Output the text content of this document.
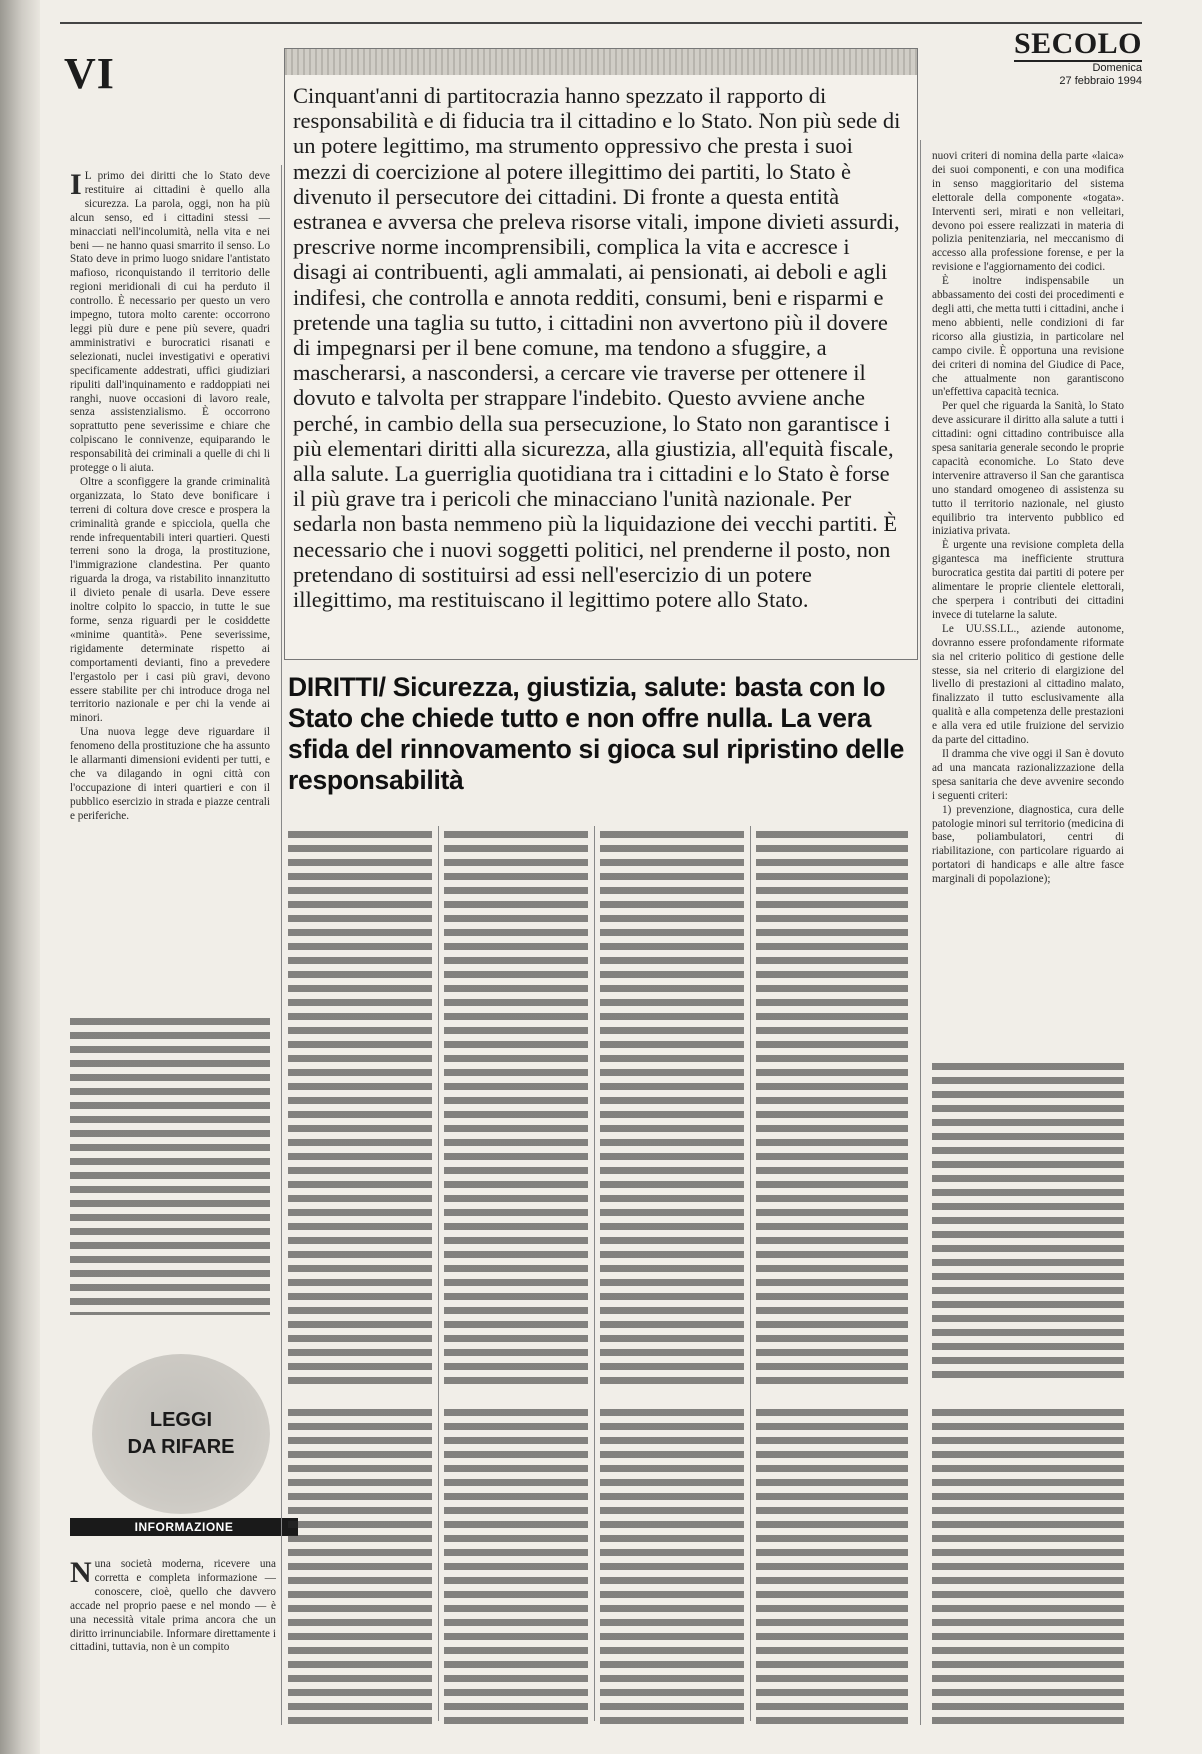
VI
SECOLO
Domenica
27 febbraio 1994
Cinquant'anni di partitocrazia hanno spezzato il rapporto di responsabilità e di fiducia tra il cittadino e lo Stato. Non più sede di un potere legittimo, ma strumento oppressivo che presta i suoi mezzi di coercizione al potere illegittimo dei partiti, lo Stato è divenuto il persecutore dei cittadini. Di fronte a questa entità estranea e avversa che preleva risorse vitali, impone divieti assurdi, prescrive norme incomprensibili, complica la vita e accresce i disagi ai contribuenti, agli ammalati, ai pensionati, ai deboli e agli indifesi, che controlla e annota redditi, consumi, beni e risparmi e pretende una taglia su tutto, i cittadini non avvertono più il dovere di impegnarsi per il bene comune, ma tendono a sfuggire, a mascherarsi, a nascondersi, a cercare vie traverse per ottenere il dovuto e talvolta per strappare l'indebito. Questo avviene anche perché, in cambio della sua persecuzione, lo Stato non garantisce i più elementari diritti alla sicurezza, alla giustizia, all'equità fiscale, alla salute. La guerriglia quotidiana tra i cittadini e lo Stato è forse il più grave tra i pericoli che minacciano l'unità nazionale. Per sedarla non basta nemmeno più la liquidazione dei vecchi partiti. È necessario che i nuovi soggetti politici, nel prenderne il posto, non pretendano di sostituirsi ad essi nell'esercizio di un potere illegittimo, ma restituiscano il legittimo potere allo Stato.
DIRITTI/ Sicurezza, giustizia, salute: basta con lo Stato che chiede tutto e non offre nulla. La vera sfida del rinnovamento si gioca sul ripristino delle responsabilità
I L primo dei diritti che lo Stato deve restituire ai cittadini è quello alla sicurezza. La parola, oggi, non ha più alcun senso, ed i cittadini stessi — minacciati nell'incolumità, nella vita e nei beni — ne hanno quasi smarrito il senso. Lo Stato deve in primo luogo snidare l'antistato mafioso, riconquistando il territorio delle regioni meridionali di cui ha perduto il controllo. È necessario per questo un vero impegno, tutora molto carente: occorrono leggi più dure e pene più severe, quadri amministrativi e burocratici risanati e selezionati, nuclei investigativi e operativi specificamente addestrati, uffici giudiziari ripuliti dall'inquinamento e raddoppiati nei ranghi, nuove occasioni di lavoro reale, senza assistenzialismo. È occorrono soprattutto pene severissime e chiare che colpiscano le connivenze, equiparando le responsabilità dei criminali a quelle di chi li protegge o li aiuta.

Oltre a sconfiggere la grande criminalità organizzata, lo Stato deve bonificare i terreni di coltura dove cresce e prospera la criminalità grande e spicciola, quella che rende infrequentabili interi quartieri. Questi terreni sono la droga, la prostituzione, l'immigrazione clandestina. Per quanto riguarda la droga, va ristabilito innanzitutto il divieto penale di usarla. Deve essere inoltre colpito lo spaccio, in tutte le sue forme, senza riguardi per le cosiddette «minime quantità». Pene severissime, rigidamente determinate rispetto ai comportamenti devianti, fino a prevedere l'ergastolo per i casi più gravi, devono essere stabilite per chi introduce droga nel territorio nazionale e per chi la vende ai minori.

Una nuova legge deve riguardare il fenomeno della prostituzione che ha assunto le allarmanti dimensioni evidenti per tutti, e che va dilagando in ogni città con l'occupazione di interi quartieri e con il pubblico esercizio in strada e piazze centrali e periferiche.

LEGGI
DA RIFARE
INFORMAZIONE
N una società moderna, ricevere una corretta e completa informazione — conoscere, cioè, quello che davvero accade nel proprio paese e nel mondo — è una necessità vitale prima ancora che un diritto irrinunciabile. Informare direttamente i cittadini, tuttavia, non è un compito

nuovi criteri di nomina della parte «laica» dei suoi componenti, e con una modifica in senso maggioritario del sistema elettorale della componente «togata». Interventi seri, mirati e non velleitari, devono poi essere realizzati in materia di polizia penitenziaria, nel meccanismo di accesso alla professione forense, e per la revisione e l'aggiornamento dei codici.

È inoltre indispensabile un abbassamento dei costi dei procedimenti e degli atti, che metta tutti i cittadini, anche i meno abbienti, nelle condizioni di far ricorso alla giustizia, in particolare nel campo civile. È opportuna una revisione dei criteri di nomina del Giudice di Pace, che attualmente non garantiscono un'effettiva capacità tecnica.

Per quel che riguarda la Sanità, lo Stato deve assicurare il diritto alla salute a tutti i cittadini: ogni cittadino contribuisce alla spesa sanitaria generale secondo le proprie capacità economiche. Lo Stato deve intervenire attraverso il San che garantisca uno standard omogeneo di assistenza su tutto il territorio nazionale, nel giusto equilibrio tra intervento pubblico ed iniziativa privata.

È urgente una revisione completa della gigantesca ma inefficiente struttura burocratica gestita dai partiti di potere per alimentare le proprie clientele elettorali, che sperpera i contributi dei cittadini invece di tutelarne la salute.

Le UU.SS.LL., aziende autonome, dovranno essere profondamente riformate sia nel criterio politico di gestione delle stesse, sia nel criterio di elargizione del livello di prestazioni al cittadino malato, finalizzato il tutto esclusivamente alla qualità e alla competenza delle prestazioni e alla vera ed utile fruizione del servizio da parte del cittadino.

Il dramma che vive oggi il San è dovuto ad una mancata razionalizzazione della spesa sanitaria che deve avvenire secondo i seguenti criteri:

1) prevenzione, diagnostica, cura delle patologie minori sul territorio (medicina di base, poliambulatori, centri di riabilitazione, con particolare riguardo ai portatori di handicaps e alle altre fasce marginali di popolazione);
